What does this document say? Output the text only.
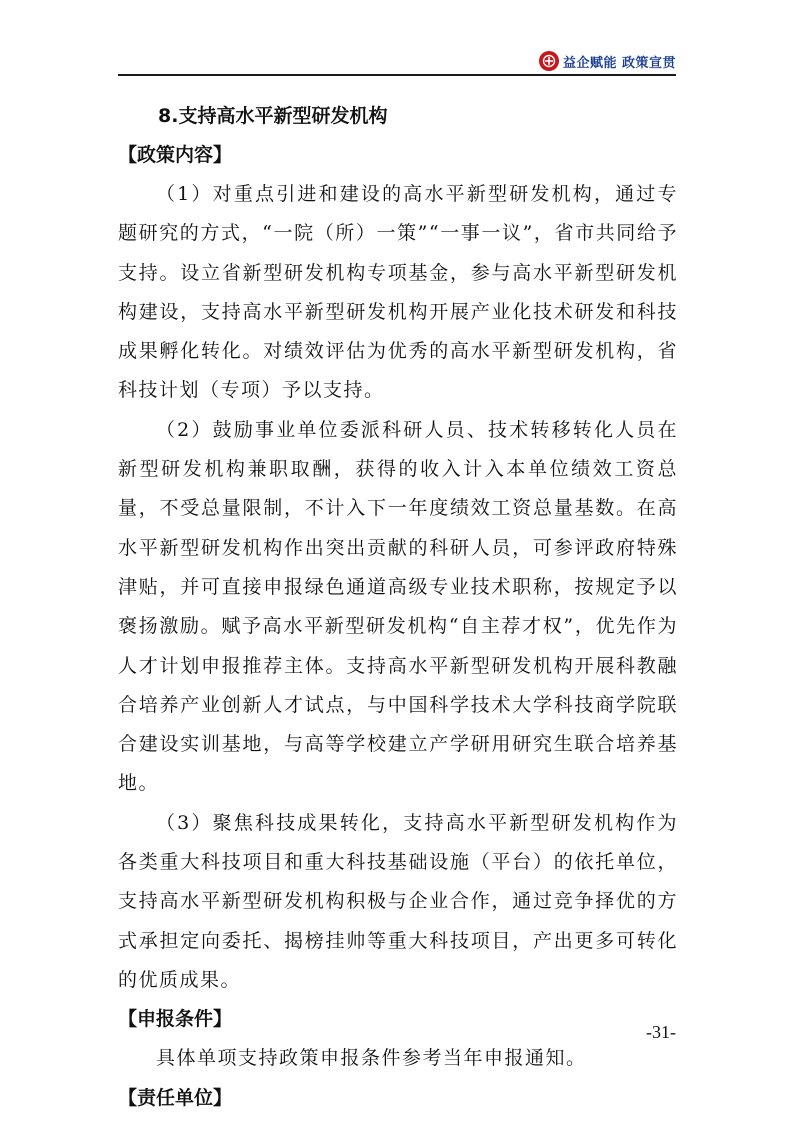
益企赋能 政策宣贯
8.支持高水平新型研发机构
【政策内容】

（1）对重点引进和建设的高水平新型研发机构，通过专题研究的方式，“一院（所）一策”“一事一议”，省市共同给予支持。设立省新型研发机构专项基金，参与高水平新型研发机构建设，支持高水平新型研发机构开展产业化技术研发和科技成果孵化转化。对绩效评估为优秀的高水平新型研发机构，省科技计划（专项）予以支持。

（2）鼓励事业单位委派科研人员、技术转移转化人员在新型研发机构兼职取酬，获得的收入计入本单位绩效工资总量，不受总量限制，不计入下一年度绩效工资总量基数。在高水平新型研发机构作出突出贡献的科研人员，可参评政府特殊津贴，并可直接申报绿色通道高级专业技术职称，按规定予以褒扬激励。赋予高水平新型研发机构“自主荐才权”，优先作为人才计划申报推荐主体。支持高水平新型研发机构开展科教融合培养产业创新人才试点，与中国科学技术大学科技商学院联合建设实训基地，与高等学校建立产学研用研究生联合培养基地。

（3）聚焦科技成果转化，支持高水平新型研发机构作为各类重大科技项目和重大科技基础设施（平台）的依托单位，支持高水平新型研发机构积极与企业合作，通过竞争择优的方式承担定向委托、揭榜挂帅等重大科技项目，产出更多可转化的优质成果。

【申报条件】

具体单项支持政策申报条件参考当年申报通知。

【责任单位】
-31-
